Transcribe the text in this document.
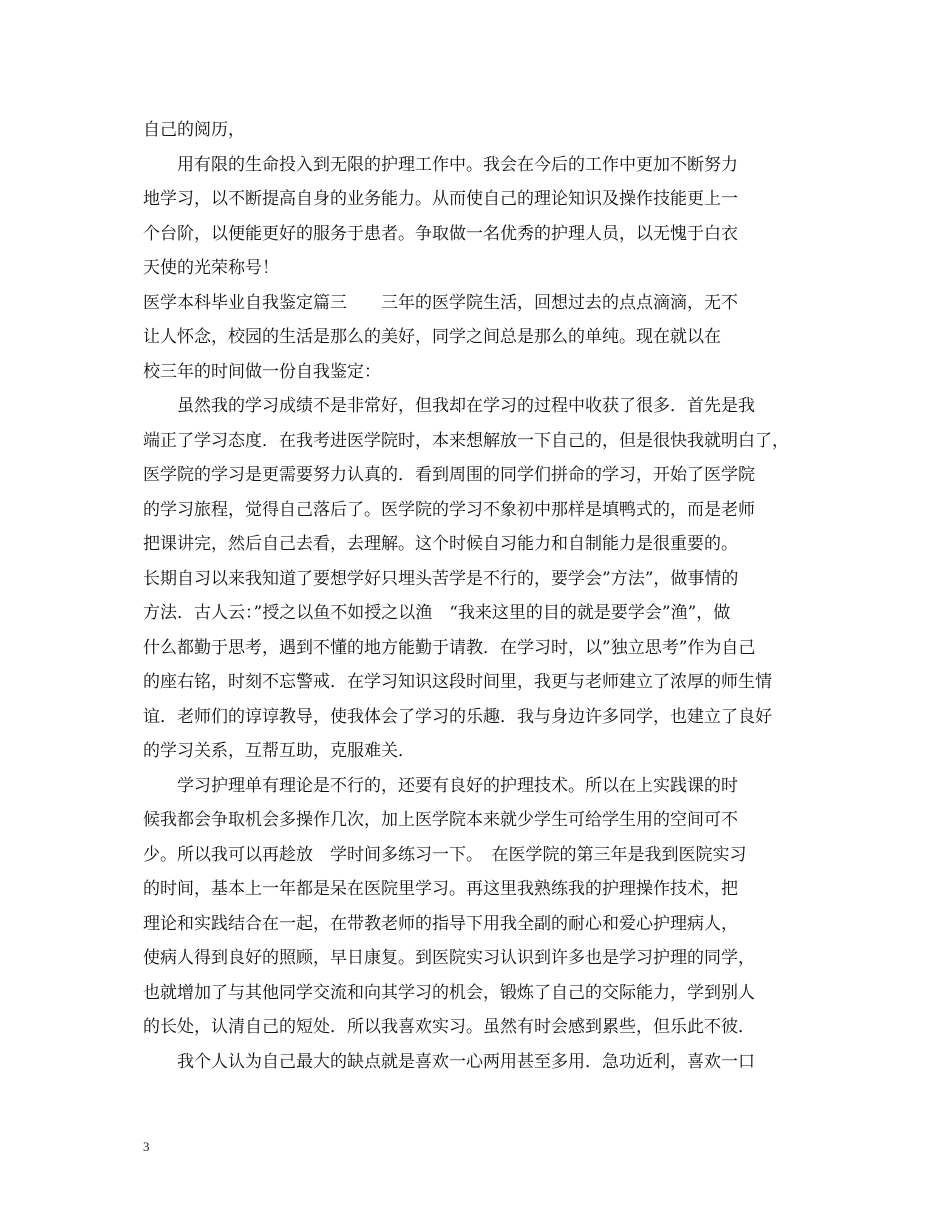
自己的阅历，
用有限的生命投入到无限的护理工作中。我会在今后的工作中更加不断努力
地学习，以不断提高自身的业务能力。从而使自己的理论知识及操作技能更上一
个台阶，以便能更好的服务于患者。争取做一名优秀的护理人员，以无愧于白衣
天使的光荣称号！
医学本科毕业自我鉴定篇三　　三年的医学院生活，回想过去的点点滴滴，无不
让人怀念，校园的生活是那么的美好，同学之间总是那么的单纯。现在就以在
校三年的时间做一份自我鉴定：
虽然我的学习成绩不是非常好，但我却在学习的过程中收获了很多．首先是我
端正了学习态度．在我考进医学院时，本来想解放一下自己的，但是很快我就明白了，
医学院的学习是更需要努力认真的．看到周围的同学们拼命的学习，开始了医学院
的学习旅程，觉得自己落后了。医学院的学习不象初中那样是填鸭式的，而是老师
把课讲完，然后自己去看，去理解。这个时候自习能力和自制能力是很重要的。
长期自习以来我知道了要想学好只埋头苦学是不行的，要学会”方法”，做事情的
方法．古人云：”授之以鱼不如授之以渔　“我来这里的目的就是要学会”渔”，做
什么都勤于思考，遇到不懂的地方能勤于请教．在学习时，以”独立思考”作为自己
的座右铭，时刻不忘警戒．在学习知识这段时间里，我更与老师建立了浓厚的师生情
谊．老师们的谆谆教导，使我体会了学习的乐趣．我与身边许多同学，也建立了良好
的学习关系，互帮互助，克服难关．
学习护理单有理论是不行的，还要有良好的护理技术。所以在上实践课的时
候我都会争取机会多操作几次，加上医学院本来就少学生可给学生用的空间可不
少。所以我可以再趁放　学时间多练习一下。　在医学院的第三年是我到医院实习
的时间，基本上一年都是呆在医院里学习。再这里我熟练我的护理操作技术，把
理论和实践结合在一起，在带教老师的指导下用我全副的耐心和爱心护理病人，
使病人得到良好的照顾，早日康复。到医院实习认识到许多也是学习护理的同学，
也就增加了与其他同学交流和向其学习的机会，锻炼了自己的交际能力，学到别人
的长处，认清自己的短处．所以我喜欢实习。虽然有时会感到累些，但乐此不彼．
我个人认为自己最大的缺点就是喜欢一心两用甚至多用．急功近利，喜欢一口
3
